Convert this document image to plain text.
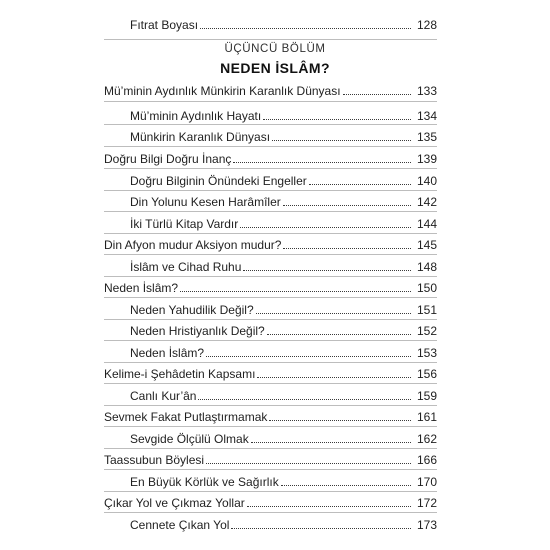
Fıtrat Boyası	128
ÜÇÜNCÜ BÖLÜM
NEDEN İSLÂM?
Mü’minin Aydınlık Münkirin Karanlık Dünyası	133
Mü’minin Aydınlık Hayatı	134
Münkirin Karanlık Dünyası	135
Doğru Bilgi Doğru İnanç	139
Doğru Bilginin Önündeki Engeller	140
Din Yolunu Kesen Harâmîler	142
İki Türlü Kitap Vardır	144
Din Afyon mudur Aksiyon mudur?	145
İslâm ve Cihad Ruhu	148
Neden İslâm?	150
Neden Yahudilik Değil?	151
Neden Hristiyanlık Değil?	152
Neden İslâm?	153
Kelime-i Şehâdetin Kapsamı	156
Canlı Kur’ân	159
Sevmek Fakat Putlaştırmamak	161
Sevgide Ölçülü Olmak	162
Taassubun Böylesi	166
En Büyük Körlük ve Sağırlık	170
Çıkar Yol ve Çıkmaz Yollar	172
Cennete Çıkan Yol	173
